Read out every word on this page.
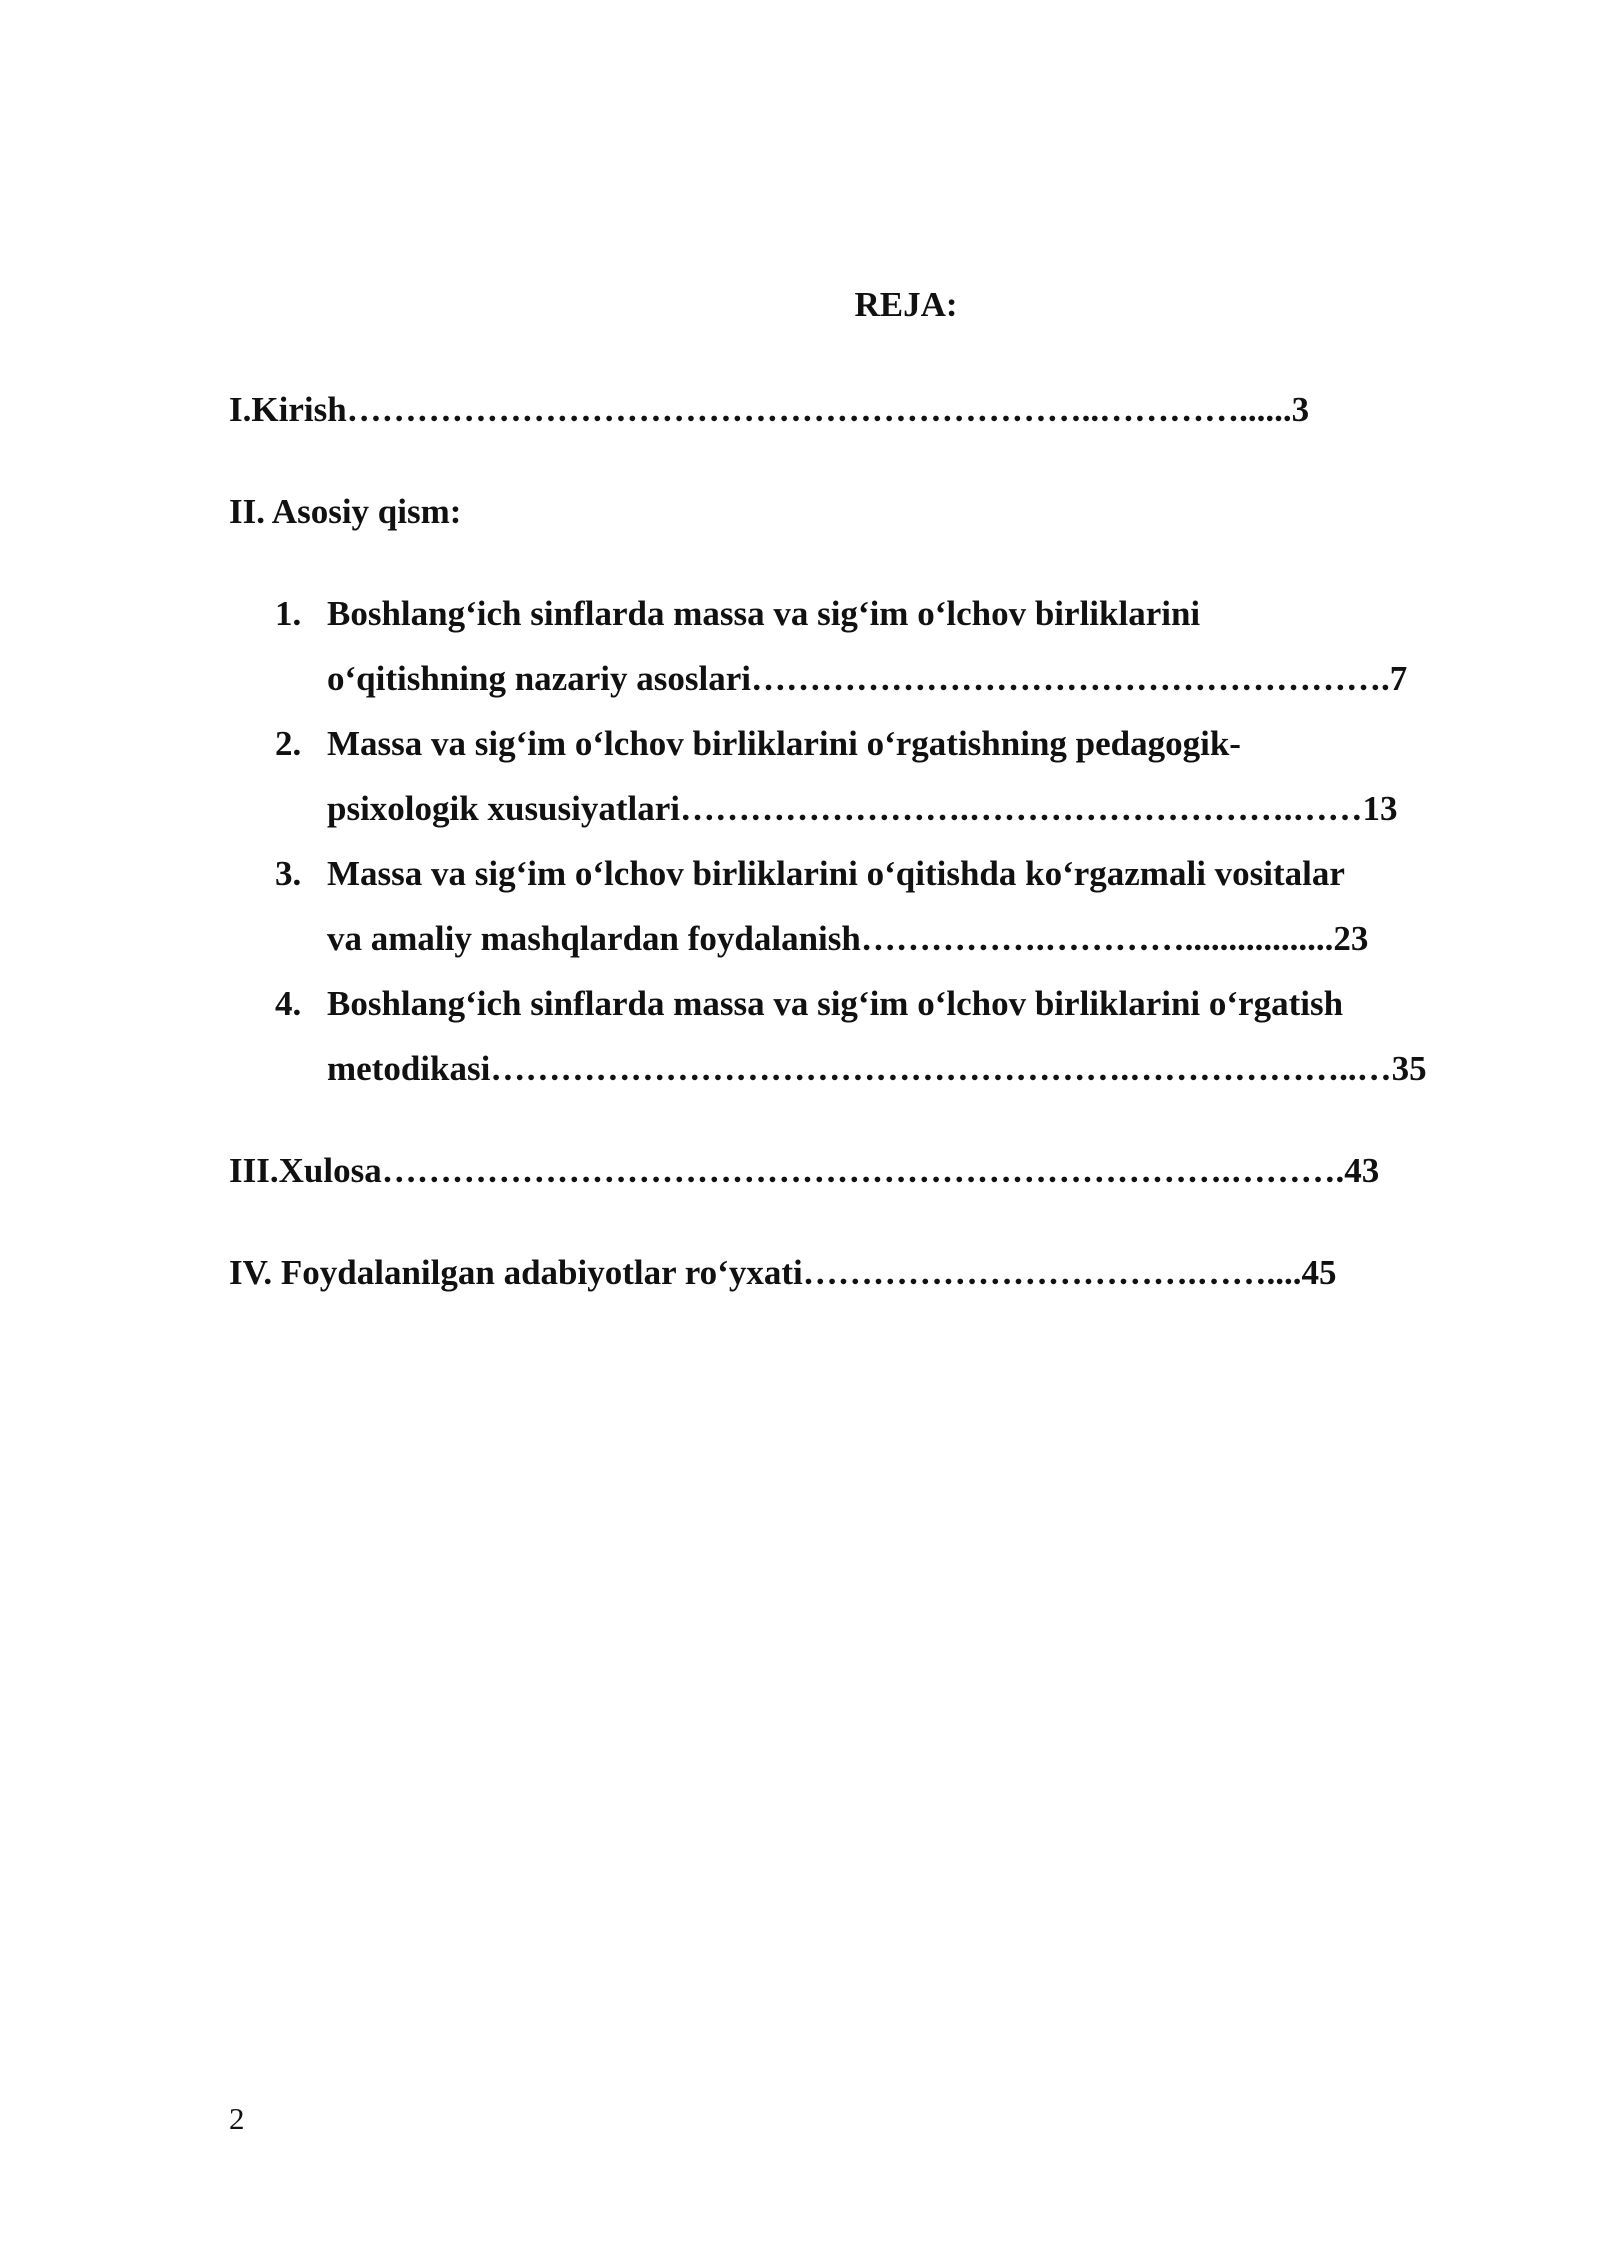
REJA:
I.Kirish………………………………………………………..…………......3
II. Asosiy qism:
1. Boshlang‘ich sinflarda massa va sig‘im o‘lchov birliklarini
o‘qitishning nazariy asoslari……………………………………………….7
2. Massa va sig‘im o‘lchov birliklarini o‘rgatishning pedagogik-
psixologik xususiyatlari…………………….……………………….……13
3. Massa va sig‘im o‘lchov birliklarini o‘qitishda ko‘rgazmali vositalar
va amaliy mashqlardan foydalanish…………….………….................23
4. Boshlang‘ich sinflarda massa va sig‘im o‘lchov birliklarini o‘rgatish
metodikasi……………………………………………….………………..…35
III.Xulosa……………………………………………………………….……….43
IV. Foydalanilgan adabiyotlar ro‘yxati…………………………….……....45
2
